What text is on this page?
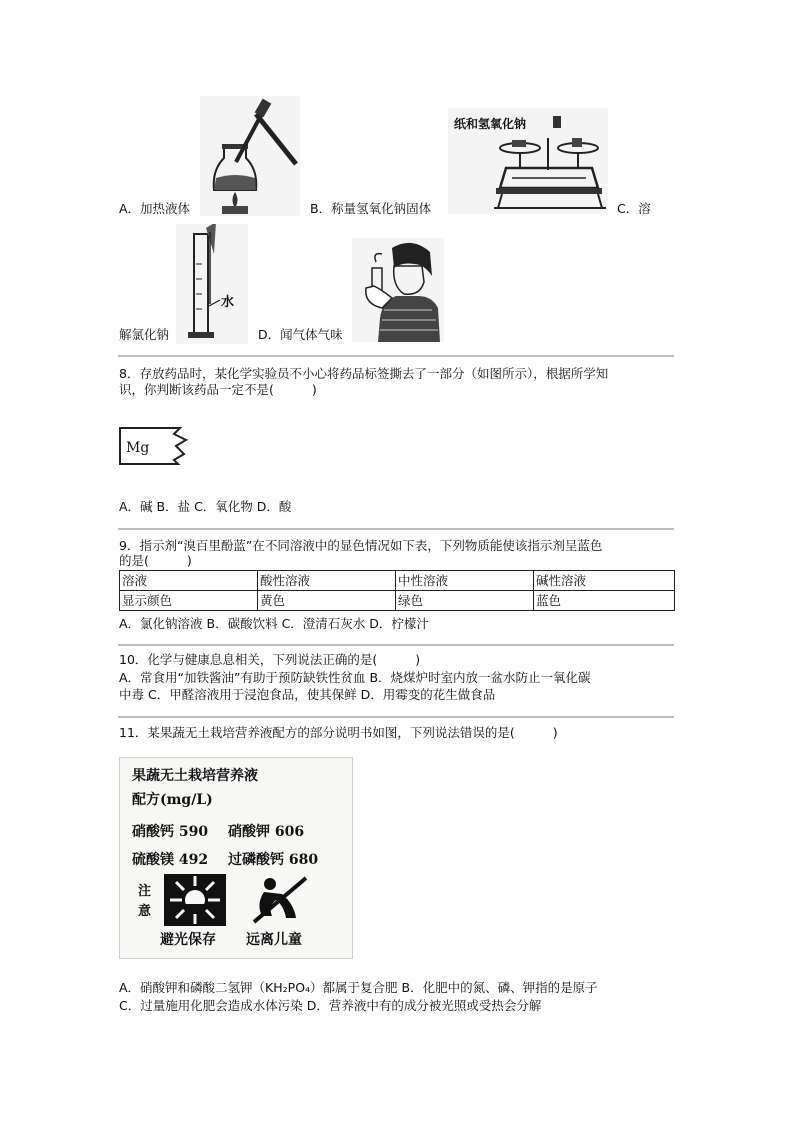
纸和氢氧化钠
水
A．加热液体	B．称量氢氧化钠固体	C．溶
解氯化钠	D．闻气体气味
8．存放药品时，某化学实验员不小心将药品标签撕去了一部分（如图所示），根据所学知
识，你判断该药品一定不是(	)
Mg
A．碱 B．盐 C．氧化物 D．酸
9．指示剂“溴百里酚蓝”在不同溶液中的显色情况如下表，下列物质能使该指示剂呈蓝色
的是(	)
溶液	酸性溶液	中性溶液	碱性溶液
显示颜色	黄色	绿色	蓝色
A．氯化钠溶液 B．碳酸饮料 C．澄清石灰水 D．柠檬汁
10．化学与健康息息相关，下列说法正确的是(	)
A．常食用“加铁酱油”有助于预防缺铁性贫血 B．烧煤炉时室内放一盆水防止一氧化碳
中毒 C．甲醛溶液用于浸泡食品，使其保鲜 D．用霉变的花生做食品
11．某果蔬无土栽培营养液配方的部分说明书如图，下列说法错误的是(	)
果蔬无土栽培营养液
配方(mg/L)
硝酸钙 590 硝酸钾 606
硫酸镁 492 过磷酸钙 680
注
意
避光保存 远离儿童
A．硝酸钾和磷酸二氢钾（KH₂PO₄）都属于复合肥 B．化肥中的氮、磷、钾指的是原子
C．过量施用化肥会造成水体污染 D．营养液中有的成分被光照或受热会分解
